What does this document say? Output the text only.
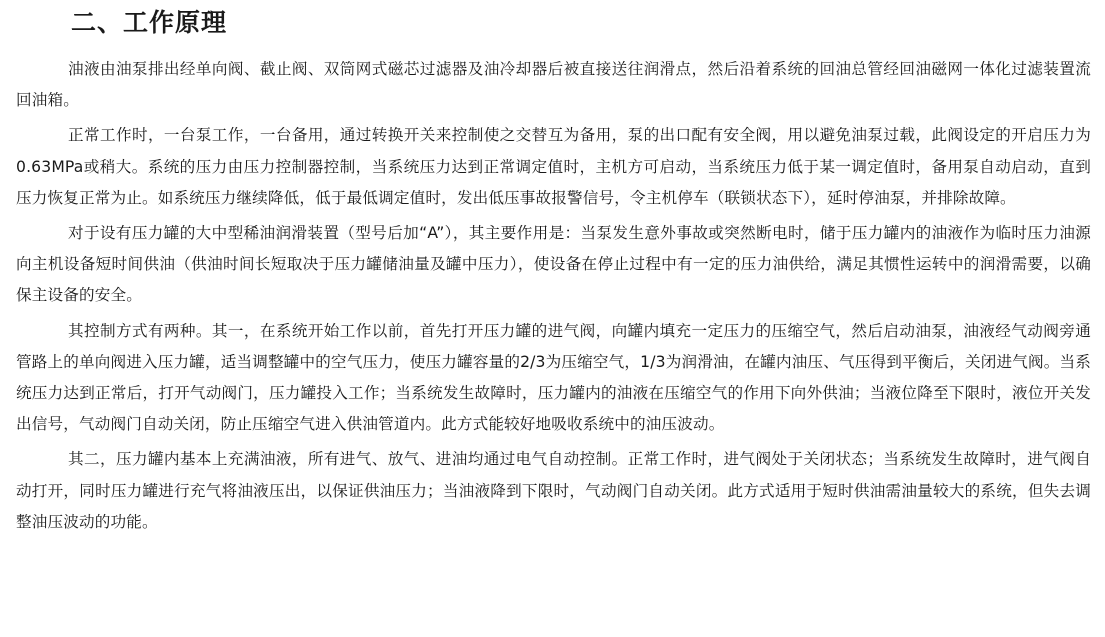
二、工作原理

油液由油泵排出经单向阀、截止阀、双筒网式磁芯过滤器及油冷却器后被直接送往润滑点，然后沿着系统的回油总管经回油磁网一体化过滤装置流回油箱。

正常工作时，一台泵工作，一台备用，通过转换开关来控制使之交替互为备用，泵的出口配有安全阀，用以避免油泵过载，此阀设定的开启压力为0.63MPa或稍大。系统的压力由压力控制器控制，当系统压力达到正常调定值时，主机方可启动，当系统压力低于某一调定值时，备用泵自动启动，直到压力恢复正常为止。如系统压力继续降低，低于最低调定值时，发出低压事故报警信号，令主机停车（联锁状态下），延时停油泵，并排除故障。

对于设有压力罐的大中型稀油润滑装置（型号后加“A”），其主要作用是：当泵发生意外事故或突然断电时，储于压力罐内的油液作为临时压力油源向主机设备短时间供油（供油时间长短取决于压力罐储油量及罐中压力），使设备在停止过程中有一定的压力油供给，满足其惯性运转中的润滑需要，以确保主设备的安全。

其控制方式有两种。其一，在系统开始工作以前，首先打开压力罐的进气阀，向罐内填充一定压力的压缩空气，然后启动油泵，油液经气动阀旁通管路上的单向阀进入压力罐，适当调整罐中的空气压力，使压力罐容量的2/3为压缩空气，1/3为润滑油，在罐内油压、气压得到平衡后，关闭进气阀。当系统压力达到正常后，打开气动阀门，压力罐投入工作；当系统发生故障时，压力罐内的油液在压缩空气的作用下向外供油；当液位降至下限时，液位开关发出信号，气动阀门自动关闭，防止压缩空气进入供油管道内。此方式能较好地吸收系统中的油压波动。

其二，压力罐内基本上充满油液，所有进气、放气、进油均通过电气自动控制。正常工作时，进气阀处于关闭状态；当系统发生故障时，进气阀自动打开，同时压力罐进行充气将油液压出，以保证供油压力；当油液降到下限时，气动阀门自动关闭。此方式适用于短时供油需油量较大的系统，但失去调整油压波动的功能。
